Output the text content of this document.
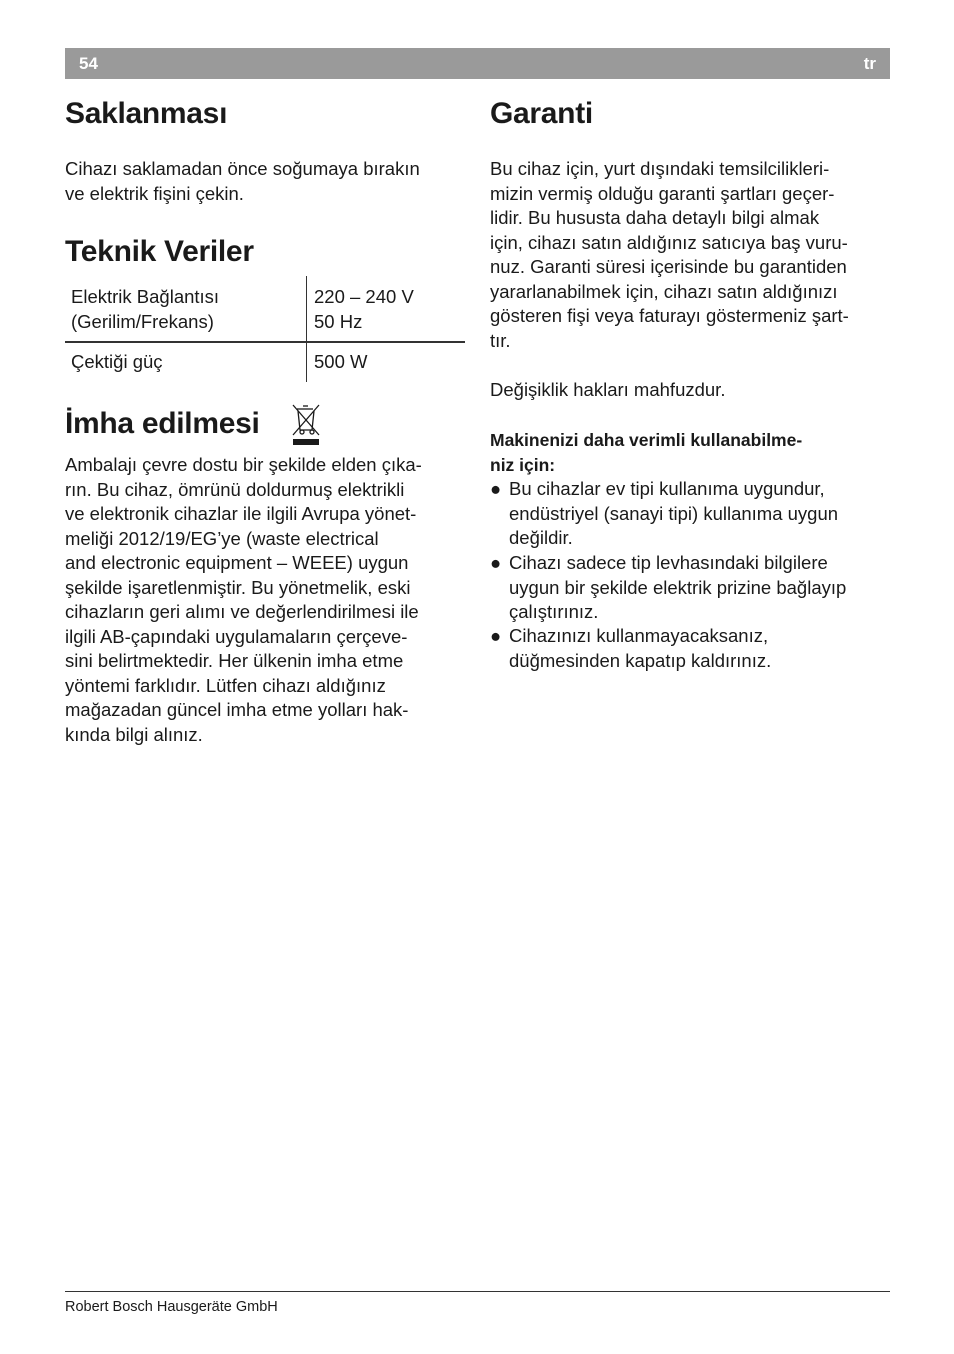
54	tr
Saklanması

Cihazı saklamadan önce soğumaya bırakın
ve elektrik fişini çekin.

Teknik Veriler
Elektrik Bağlantısı
(Gerilim/Frekans)
220 – 240 V
50 Hz
Çektiği güç	500 W
İmha edilmesi

Ambalajı çevre dostu bir şekilde elden çıka-
rın. Bu cihaz, ömrünü doldurmuş elektrikli
ve elektronik cihazlar ile ilgili Avrupa yönet-
meliği 2012/19/EG’ye (waste electrical
and electronic equipment – WEEE) uygun
şekilde işaretlenmiştir. Bu yönetmelik, eski
cihazların geri alımı ve değerlendirilmesi ile
ilgili AB-çapındaki uygulamaların çerçeve-
sini belirtmektedir. Her ülkenin imha etme
yöntemi farklıdır. Lütfen cihazı aldığınız
mağazadan güncel imha etme yolları hak-
kında bilgi alınız.

Garanti

Bu cihaz için, yurt dışındaki temsilcilikleri-
mizin vermiş olduğu garanti şartları geçer-
lidir. Bu hususta daha detaylı bilgi almak
için, cihazı satın aldığınız satıcıya baş vuru-
nuz. Garanti süresi içerisinde bu garantiden
yararlanabilmek için, cihazı satın aldığınızı
gösteren fişi veya faturayı göstermeniz şart-
tır.

Değişiklik hakları mahfuzdur.

Makinenizi daha verimli kullanabilme-
niz için:
● Bu cihazlar ev tipi kullanıma uygundur,
endüstriyel (sanayi tipi) kullanıma uygun
değildir.
● Cihazı sadece tip levhasındaki bilgilere
uygun bir şekilde elektrik prizine bağlayıp
çalıştırınız.
● Cihazınızı kullanmayacaksanız,
düğmesinden kapatıp kaldırınız.
Robert Bosch Hausgeräte GmbH
